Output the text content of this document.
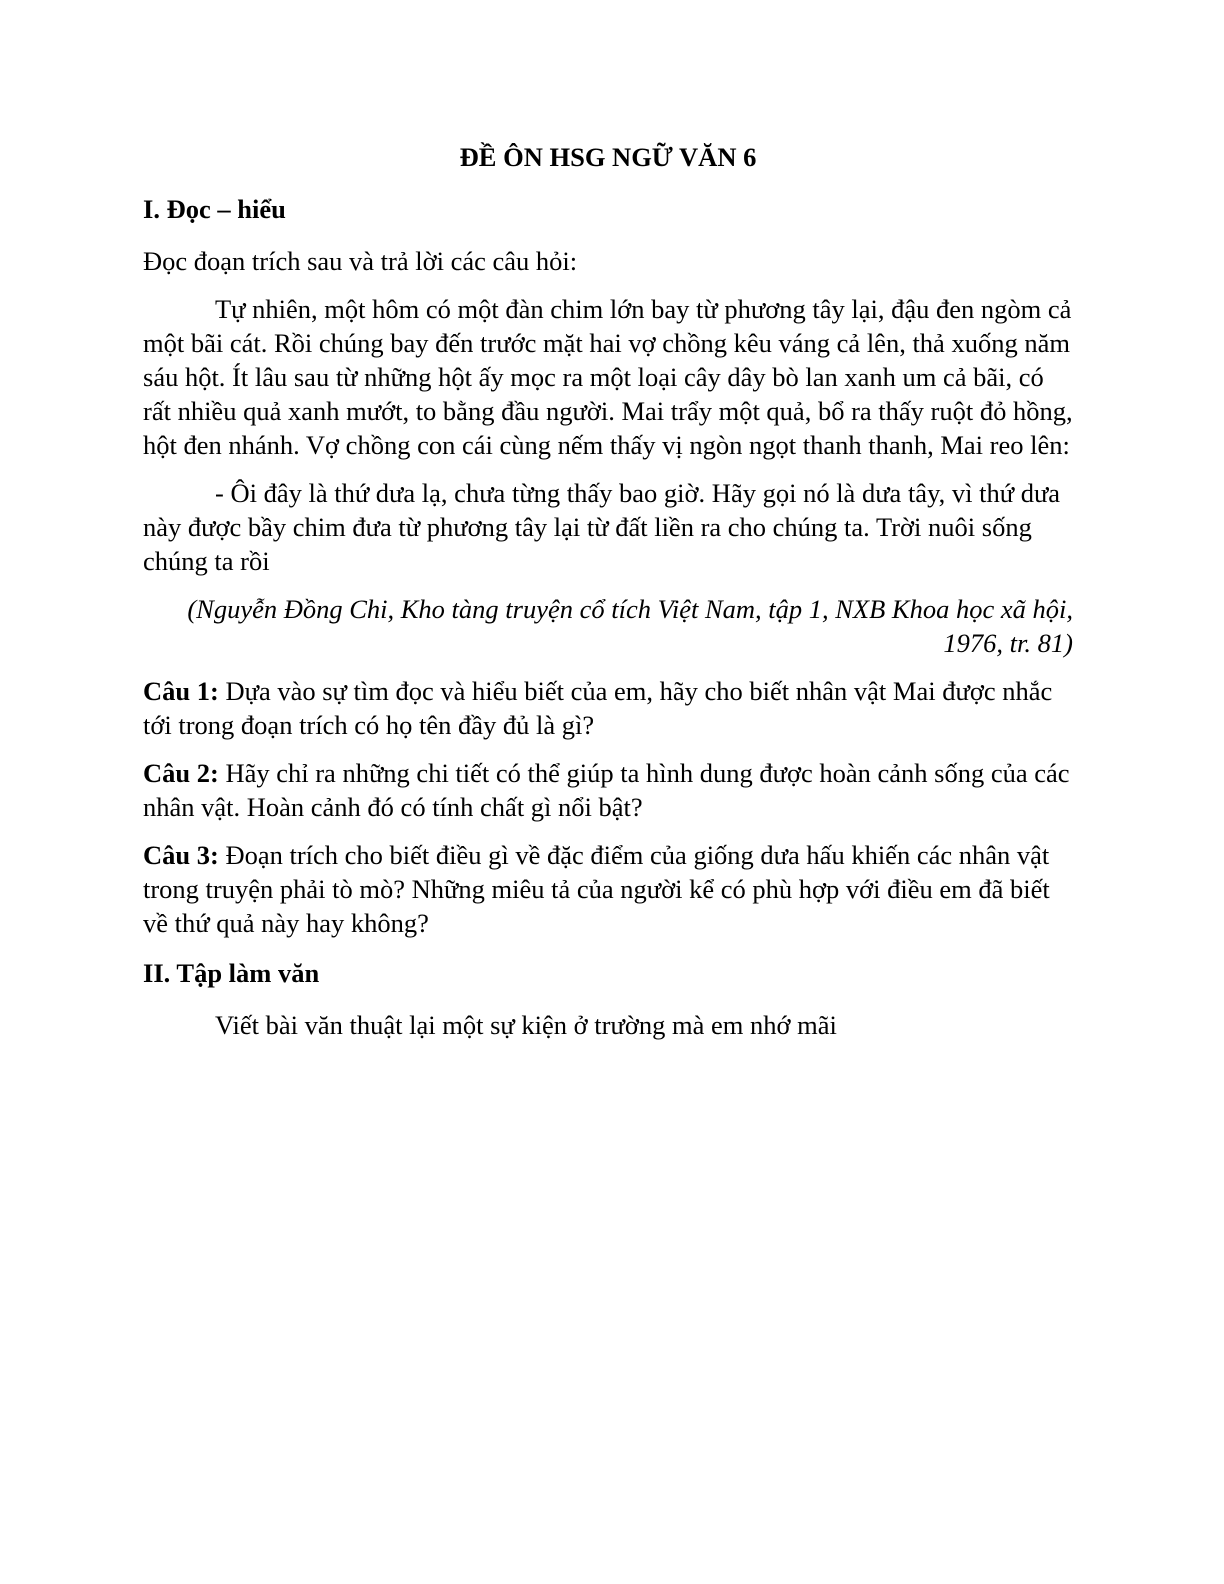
ĐỀ ÔN HSG NGỮ VĂN 6
I. Đọc – hiểu

Đọc đoạn trích sau và trả lời các câu hỏi:

Tự nhiên, một hôm có một đàn chim lớn bay từ phương tây lại, đậu đen ngòm cả một bãi cát. Rồi chúng bay đến trước mặt hai vợ chồng kêu váng cả lên, thả xuống năm sáu hột. Ít lâu sau từ những hột ấy mọc ra một loại cây dây bò lan xanh um cả bãi, có rất nhiều quả xanh mướt, to bằng đầu người. Mai trẩy một quả, bổ ra thấy ruột đỏ hồng, hột đen nhánh. Vợ chồng con cái cùng nếm thấy vị ngòn ngọt thanh thanh, Mai reo lên:

- Ôi đây là thứ dưa lạ, chưa từng thấy bao giờ. Hãy gọi nó là dưa tây, vì thứ dưa này được bầy chim đưa từ phương tây lại từ đất liền ra cho chúng ta. Trời nuôi sống chúng ta rồi

(Nguyễn Đồng Chi, Kho tàng truyện cổ tích Việt Nam, tập 1, NXB Khoa học xã hội,
1976, tr. 81)

Câu 1: Dựa vào sự tìm đọc và hiểu biết của em, hãy cho biết nhân vật Mai được nhắc tới trong đoạn trích có họ tên đầy đủ là gì?

Câu 2: Hãy chỉ ra những chi tiết có thể giúp ta hình dung được hoàn cảnh sống của các nhân vật. Hoàn cảnh đó có tính chất gì nổi bật?

Câu 3: Đoạn trích cho biết điều gì về đặc điểm của giống dưa hấu khiến các nhân vật trong truyện phải tò mò? Những miêu tả của người kể có phù hợp với điều em đã biết về thứ quả này hay không?

II. Tập làm văn

Viết bài văn thuật lại một sự kiện ở trường mà em nhớ mãi
